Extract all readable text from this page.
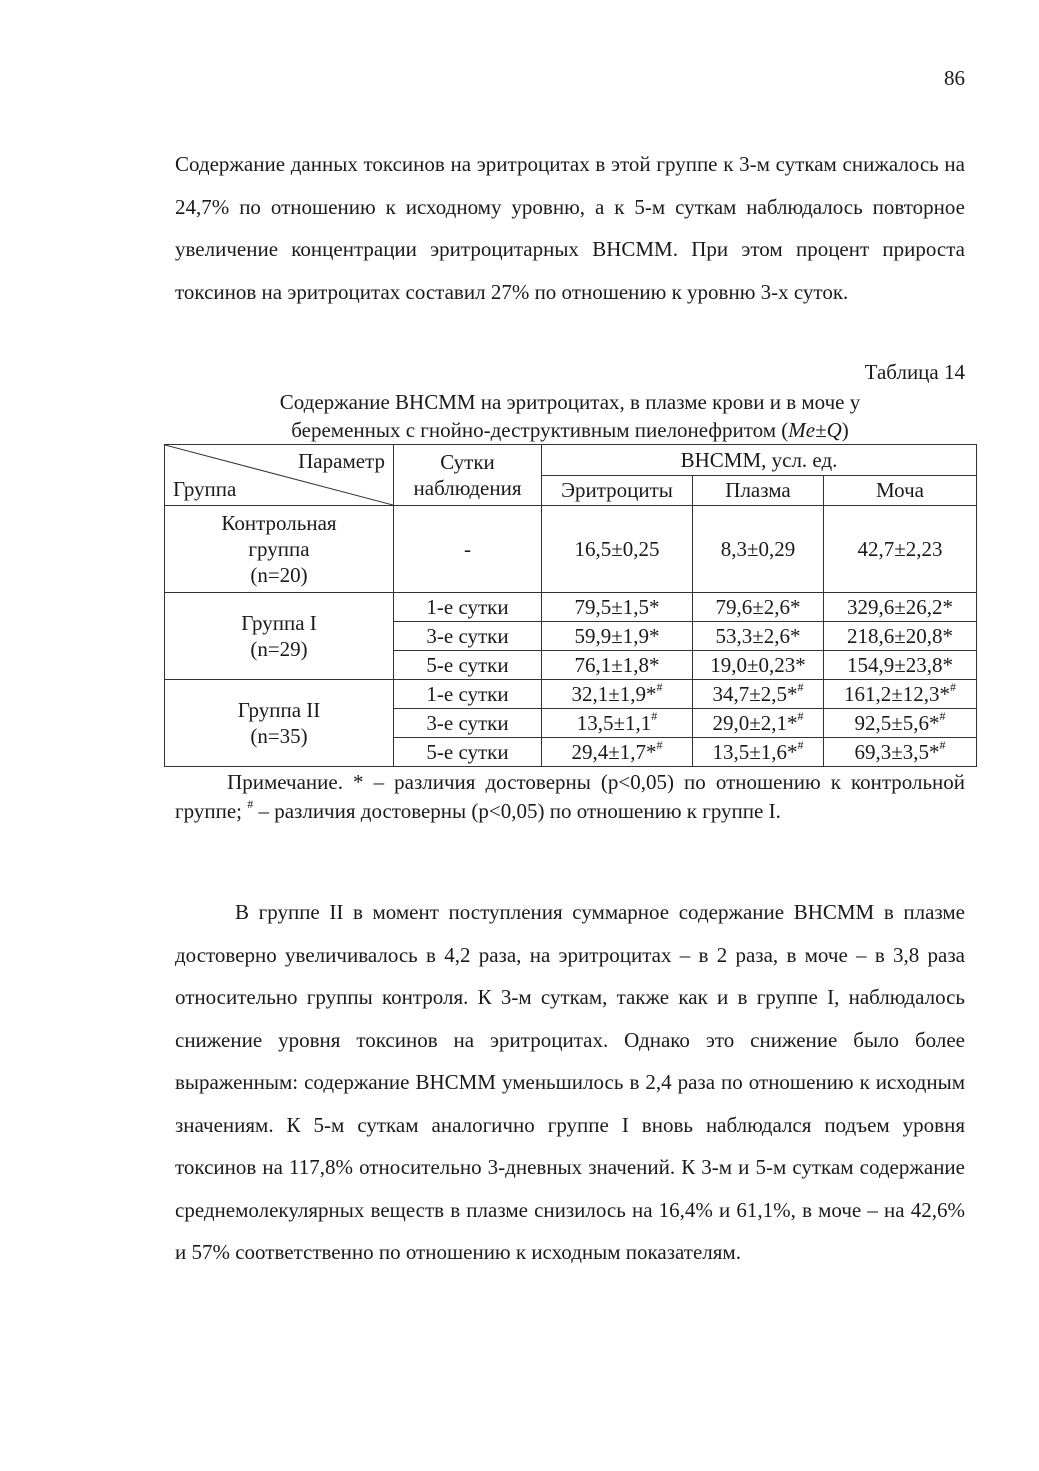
86

Содержание данных токсинов на эритроцитах в этой группе к 3-м суткам снижалось на 24,7% по отношению к исходному уровню, а к 5-м суткам наблюдалось повторное увеличение концентрации эритроцитарных ВНСММ. При этом процент прироста токсинов на эритроцитах составил 27% по отношению к уровню 3-х суток.

Таблица 14

Содержание ВНСММ на эритроцитах, в плазме крови и в моче у
беременных с гнойно-деструктивным пиелонефритом (Me±Q)

Параметр
Группа	Сутки наблюдения	ВНСММ, усл. ед.		
		Эритроциты	Плазма	Моча
Контрольная
группа
(n=20)	-	16,5±0,25	8,3±0,29	42,7±2,23
Группа I
(n=29)	1-е сутки	79,5±1,5*	79,6±2,6*	329,6±26,2*
	3-е сутки	59,9±1,9*	53,3±2,6*	218,6±20,8*
	5-е сутки	76,1±1,8*	19,0±0,23*	154,9±23,8*
Группа II
(n=35)	1-е сутки	32,1±1,9*#	34,7±2,5*#	161,2±12,3*#
	3-е сутки	13,5±1,1#	29,0±2,1*#	92,5±5,6*#
	5-е сутки	29,4±1,7*#	13,5±1,6*#	69,3±3,5*#

   Примечание. * – различия достоверны (p<0,05) по отношению к контрольной группе; # – различия достоверны (p<0,05) по отношению к группе I.

В группе II в момент поступления суммарное содержание ВНСММ в плазме достоверно увеличивалось в 4,2 раза, на эритроцитах – в 2 раза, в моче – в 3,8 раза относительно группы контроля. К 3-м суткам, также как и в группе I, наблюдалось снижение уровня токсинов на эритроцитах. Однако это снижение было более выраженным: содержание ВНСММ уменьшилось в 2,4 раза по отношению к исходным значениям. К 5-м суткам аналогично группе I вновь наблюдался подъем уровня токсинов на 117,8% относительно 3-дневных значений. К 3-м и 5-м суткам содержание среднемолекулярных веществ в плазме снизилось на 16,4% и 61,1%, в моче – на 42,6% и 57% соответственно по отношению к исходным показателям.
